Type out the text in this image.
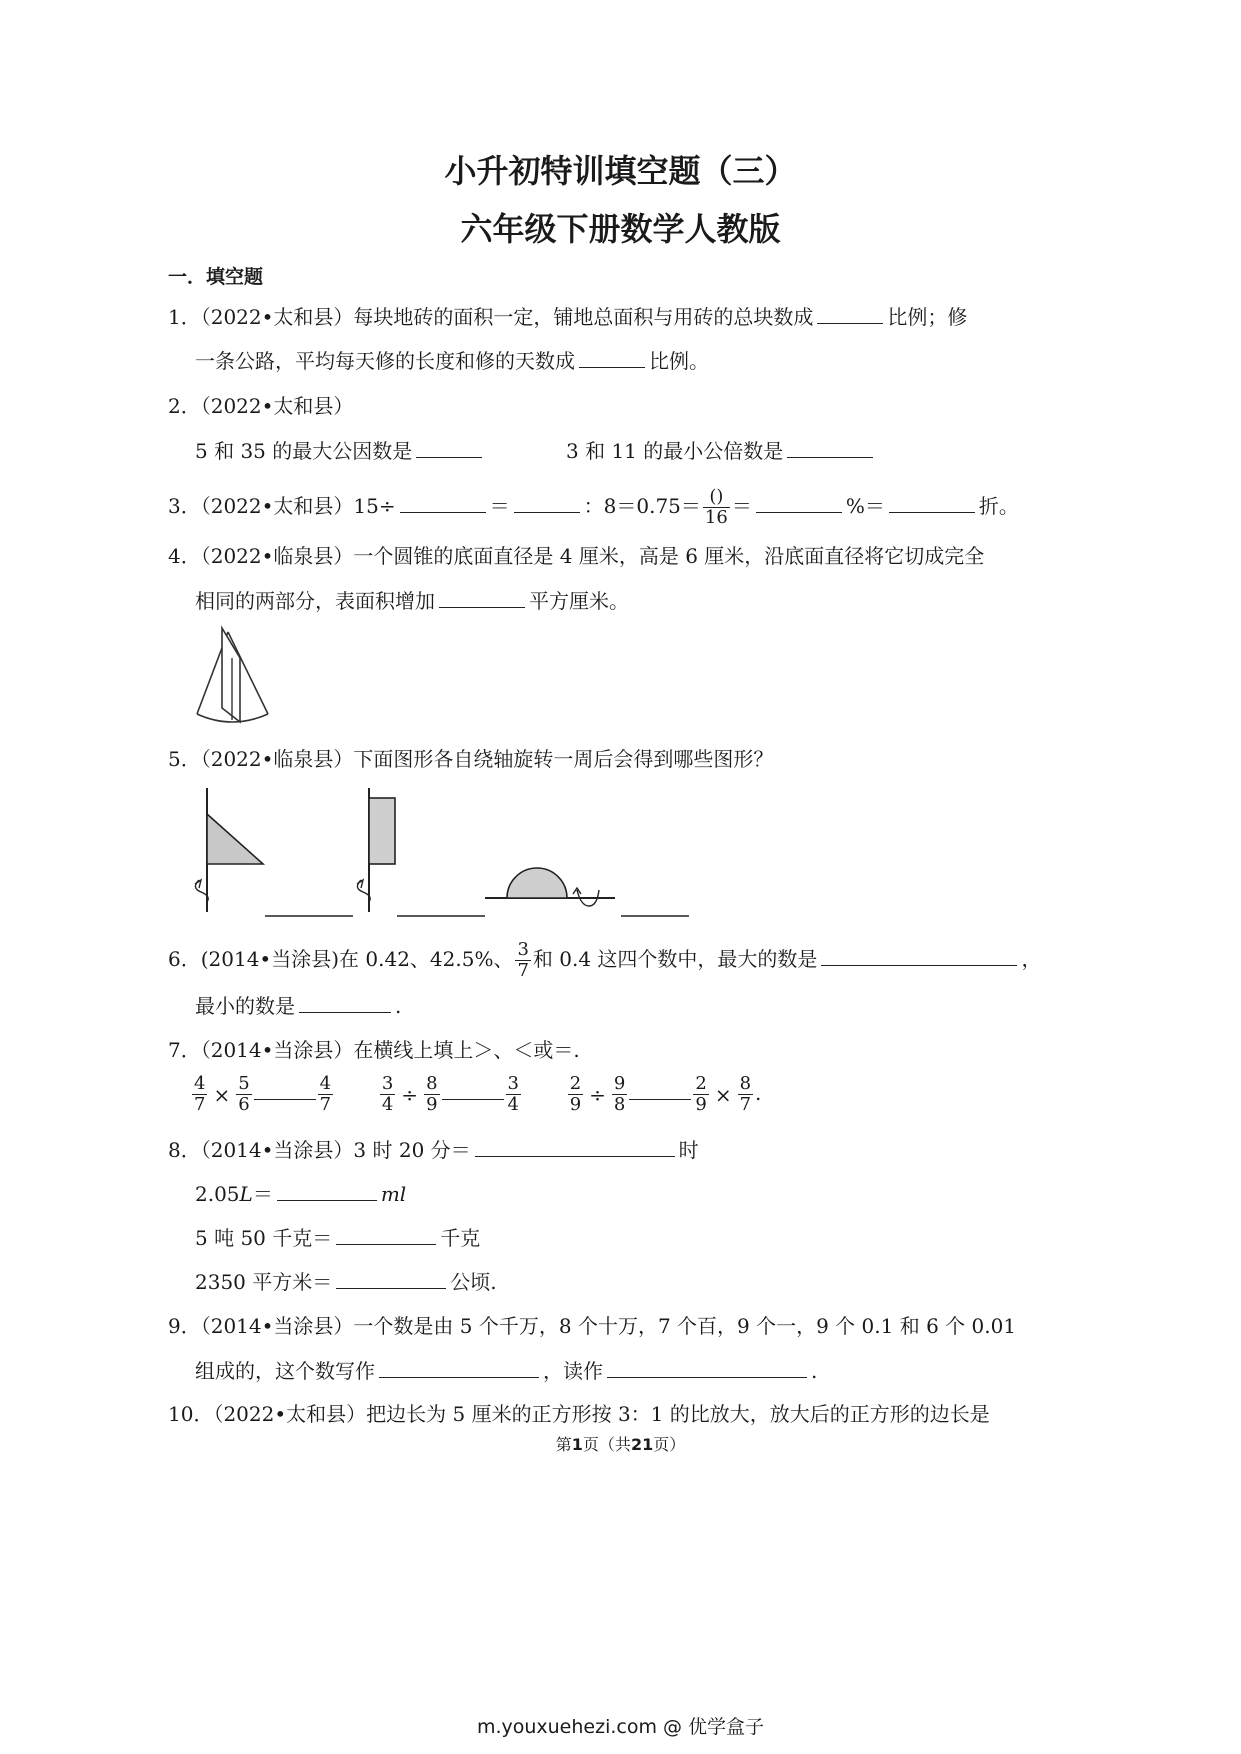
小升初特训填空题（三）
六年级下册数学人教版
一．填空题
1．（2022•太和县）每块地砖的面积一定，铺地总面积与用砖的总块数成	比例；修
一条公路，平均每天修的长度和修的天数成	比例。
2．（2022•太和县）
5 和 35 的最大公因数是	3 和 11 的最小公倍数是
3．（2022•太和县）15÷	＝	：$8=0.75= \frac{()}{16}$ ＝	%＝	折。
4．（2022•临泉县）一个圆锥的底面直径是 4 厘米，高是 6 厘米，沿底面直径将它切成完全
相同的两部分，表面积增加	平方厘米。
5．（2022•临泉县）下面图形各自绕轴旋转一周后会得到哪些图形？
6．(2014•当涂县)在 0.42、42.5%、 $\frac{3}{7}$ 和 0.4 这四个数中，最大的数是	，
最小的数是	.
7．（2014•当涂县）在横线上填上＞、＜或＝.
$\frac{4}{7} \times \frac{5}{6}$	$\frac{4}{7}$
	$\frac{3}{4} \div \frac{8}{9}$	$\frac{3}{4}$
	$\frac{2}{9} \div \frac{9}{8}$	$\frac{2}{9} \times \frac{8}{7}$ .
8．（2014•当涂县）3 时 20 分＝	时
2.05L＝	ml
5 吨 50 千克＝	千克
2350 平方米＝	公顷.
9．（2014•当涂县）一个数是由 5 个千万，8 个十万，7 个百，9 个一，9 个 0.1 和 6 个 0.01
组成的，这个数写作	，读作	.
10．（2022•太和县）把边长为 5 厘米的正方形按 3：1 的比放大，放大后的正方形的边长是
第1页（共21页）
m.youxuehezi.com @ 优学盒子
